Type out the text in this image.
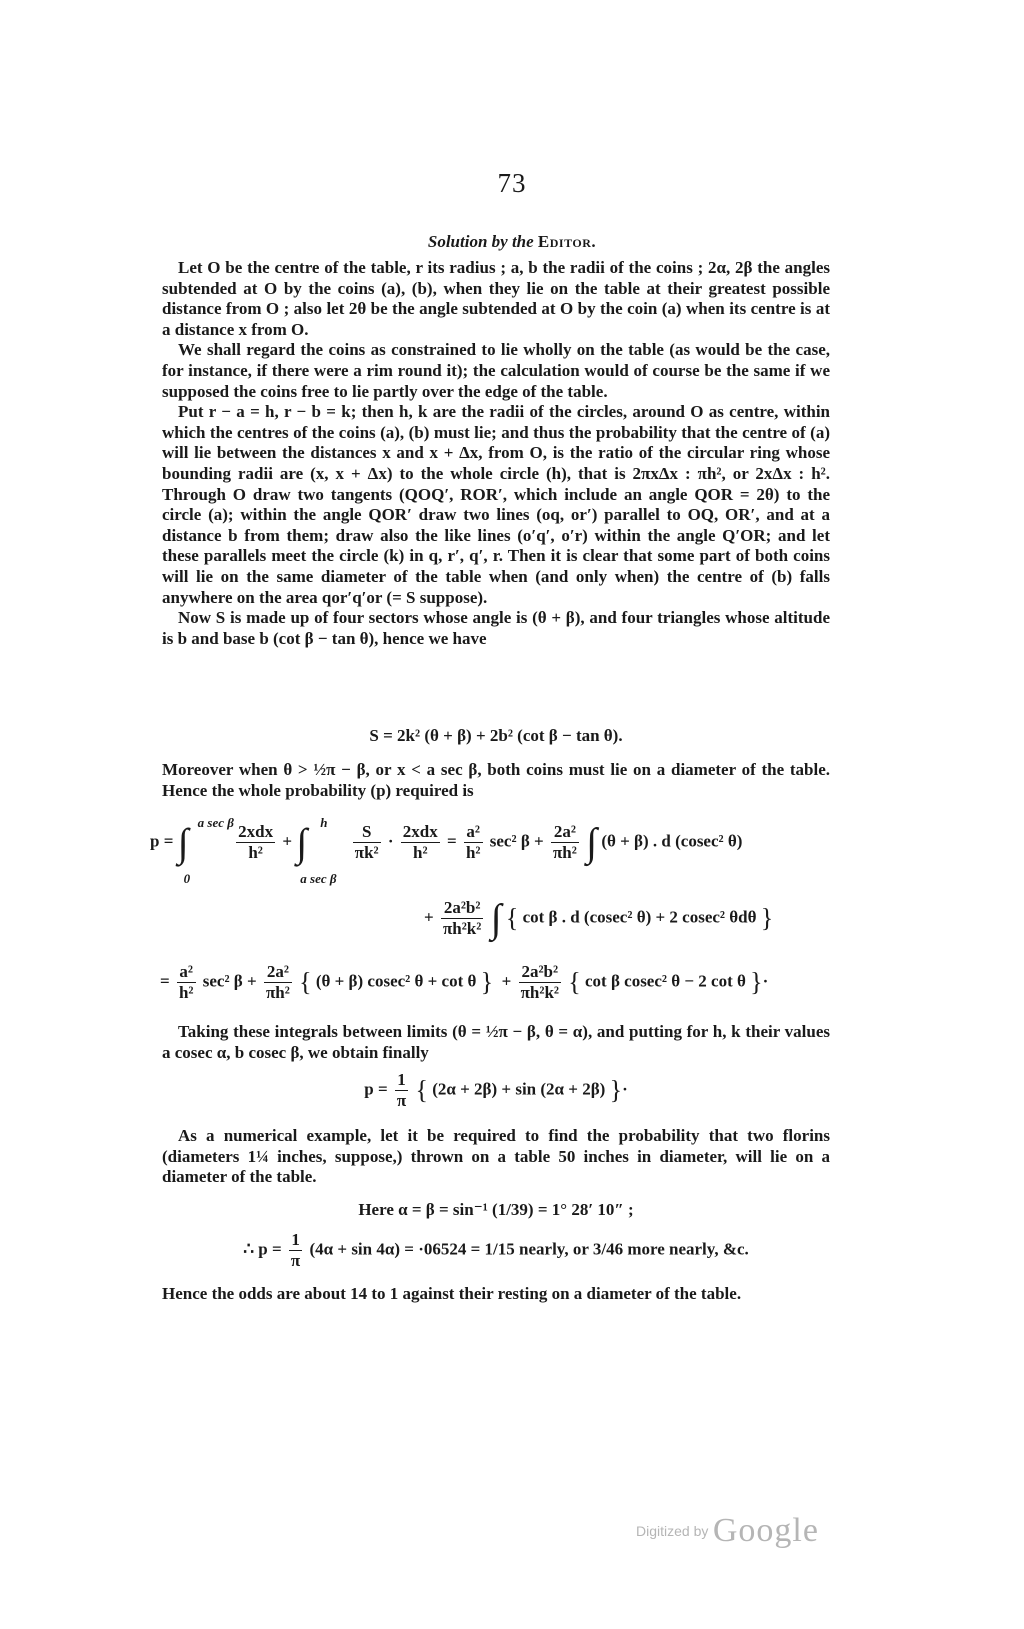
73
Solution by the Editor.

Let O be the centre of the table, r its radius ; a, b the radii of the coins ; 2α, 2β the angles subtended at O by the coins (a), (b), when they lie on the table at their greatest possible distance from O ; also let 2θ be the angle subtended at O by the coin (a) when its centre is at a distance x from O.

We shall regard the coins as constrained to lie wholly on the table (as would be the case, for instance, if there were a rim round it); the calculation would of course be the same if we supposed the coins free to lie partly over the edge of the table.

Put r − a = h, r − b = k; then h, k are the radii of the circles, around O as centre, within which the centres of the coins (a), (b) must lie; and thus the probability that the centre of (a) will lie between the distances x and x + Δx, from O, is the ratio of the circular ring whose bounding radii are (x, x + Δx) to the whole circle (h), that is 2πxΔx : πh², or 2xΔx : h². Through O draw two tangents (QOQ′, ROR′, which include an angle QOR = 2θ) to the circle (a); within the angle QOR′ draw two lines (oq, or′) parallel to OQ, OR′, and at a distance b from them; draw also the like lines (o′q′, o′r) within the angle Q′OR; and let these parallels meet the circle (k) in q, r′, q′, r. Then it is clear that some part of both coins will lie on the same diameter of the table when (and only when) the centre of (b) falls anywhere on the area qor′q′or (= S suppose).

Now S is made up of four sectors whose angle is (θ + β), and four triangles whose altitude is b and base b (cot β − tan θ), hence we have

S = 2k² (θ + β) + 2b² (cot β − tan θ).

Moreover when θ > ½π − β, or x < a sec β, both coins must lie on a diameter of the table. Hence the whole probability (p) required is

p = ∫ a sec β
0

$\frac{\text{2xdx}}{\text{h²}}$ + ∫ h
a sec β

$\frac{S}{\text{πk²}} \cdot \frac{\text{2xdx}}{\text{h²}} = \frac{\text{a²}}{\text{h²}} \sec^2$ $\beta + \frac{\text{2a²}}{\text{πh²}}$ ∫ (θ + β) . d (cosec² θ)
+ $\frac{\text{2a²b²}}{\text{πh²k²}}$ ∫ { cot β . d (cosec² θ) + 2 cosec² θdθ }
= $\frac{\text{a²}}{\text{h²}} \sec^2$ $\beta + \frac{\text{2a²}}{\text{πh²}}$ { (θ + β) cosec² θ + cot θ }  + $\frac{\text{2a²b²}}{\text{πh²k²}}$ { cot β cosec² θ − 2 cot θ }·

Taking these integrals between limits (θ = ½π − β, θ = α), and putting for h, k their values a cosec α, b cosec β, we obtain finally

$p = \frac{1}{\pi}$ { (2α + 2β) + sin (2α + 2β) }·

As a numerical example, let it be required to find the probability that two florins (diameters 1¼ inches, suppose,) thrown on a table 50 inches in diameter, will lie on a diameter of the table.

Here α = β = sin⁻¹ (1/39) = 1° 28′ 10″ ;
∴ $p = \frac{1}{\pi} (4\alpha + \sin 4\alpha) = \cdot 06524 = 1/15$ nearly, or 3/46 more nearly, &c.

Hence the odds are about 14 to 1 against their resting on a diameter of the table.

Digitized by Google
